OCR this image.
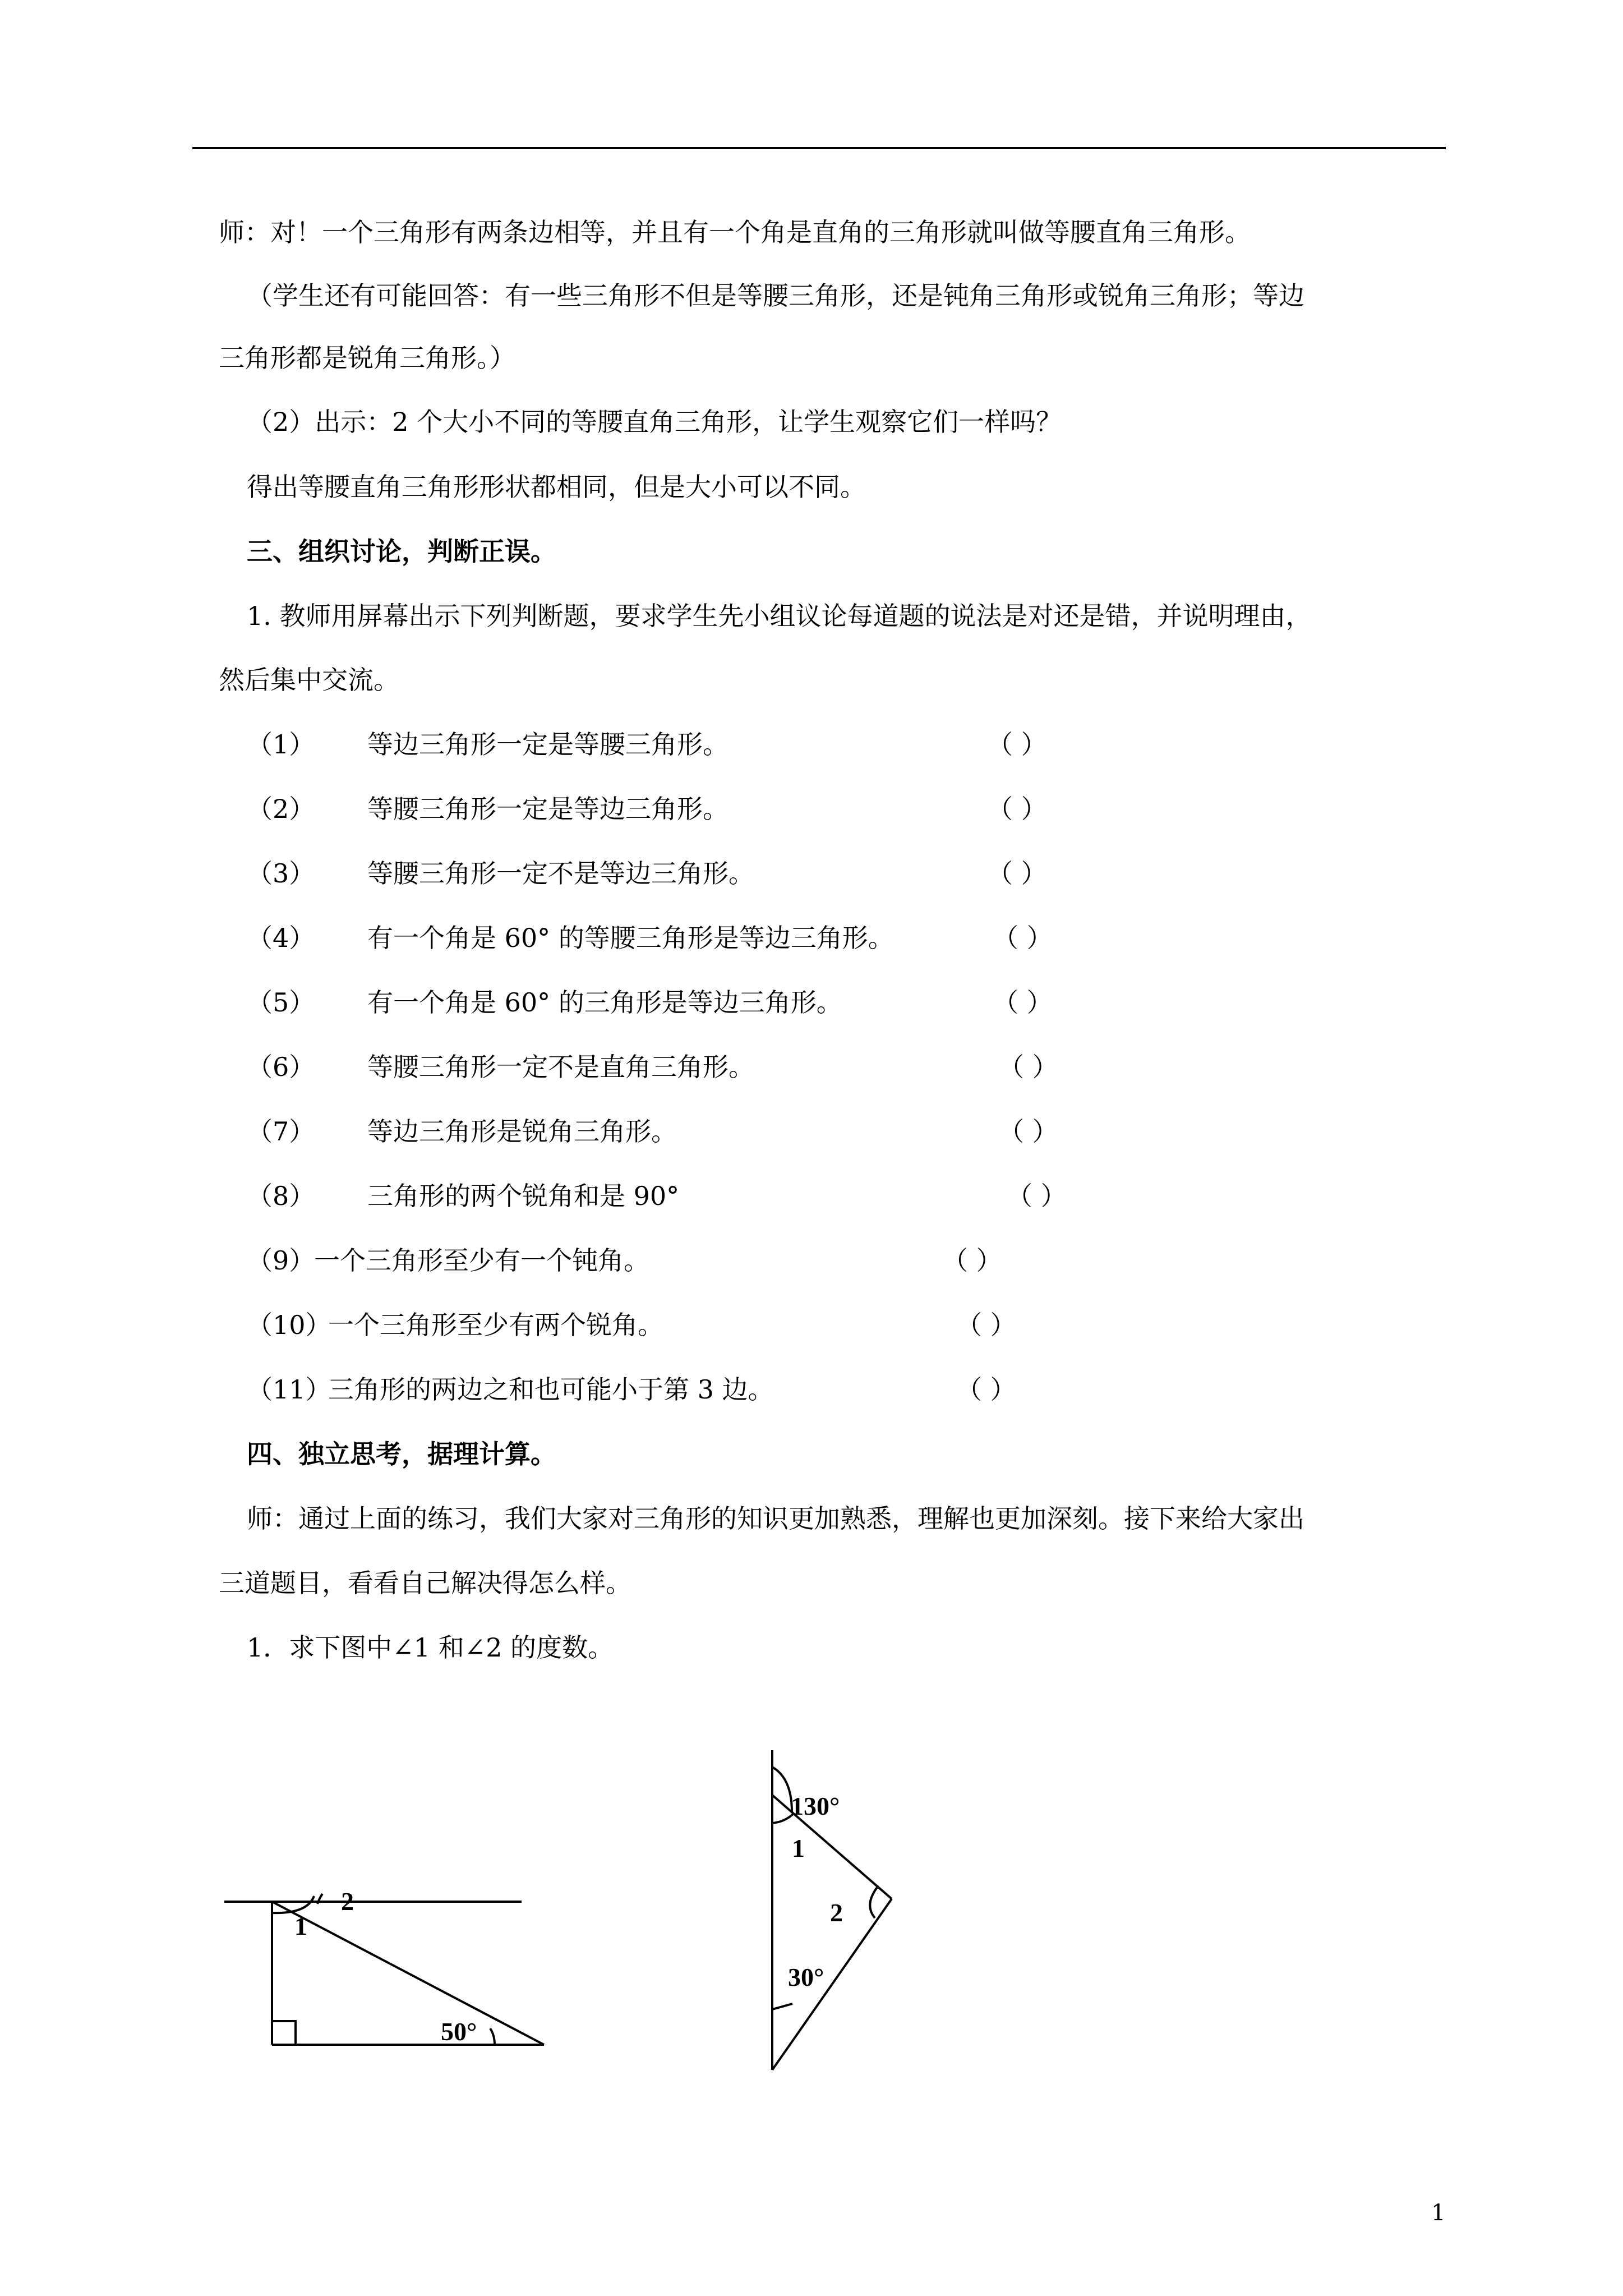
师：对！一个三角形有两条边相等，并且有一个角是直角的三角形就叫做等腰直角三角形。
（学生还有可能回答：有一些三角形不但是等腰三角形，还是钝角三角形或锐角三角形；等边
三角形都是锐角三角形。）
（2）出示：2 个大小不同的等腰直角三角形，让学生观察它们一样吗？
得出等腰直角三角形形状都相同，但是大小可以不同。
三、组织讨论，判断正误。
1. 教师用屏幕出示下列判断题，要求学生先小组议论每道题的说法是对还是错，并说明理由，
然后集中交流。
（1） 等边三角形一定是等腰三角形。	（ ）
（2） 等腰三角形一定是等边三角形。	（ ）
（3） 等腰三角形一定不是等边三角形。	（ ）
（4） 有一个角是 60° 的等腰三角形是等边三角形。	（ ）
（5） 有一个角是 60° 的三角形是等边三角形。	（ ）
（6） 等腰三角形一定不是直角三角形。	（ ）
（7） 等边三角形是锐角三角形。	（ ）
（8） 三角形的两个锐角和是 90°	（ ）
（9）
一个三角形至少有一个钝角。	（ ）
（10）
一个三角形至少有两个锐角。	（ ）
（11）
三角形的两边之和也可能小于第 3 边。	（ ）
四、独立思考，据理计算。
师：通过上面的练习，我们大家对三角形的知识更加熟悉，理解也更加深刻。接下来给大家出
三道题目，看看自己解决得怎么样。
1．求下图中∠1 和∠2 的度数。
1
2
50°
130°
1
2
30°
1
